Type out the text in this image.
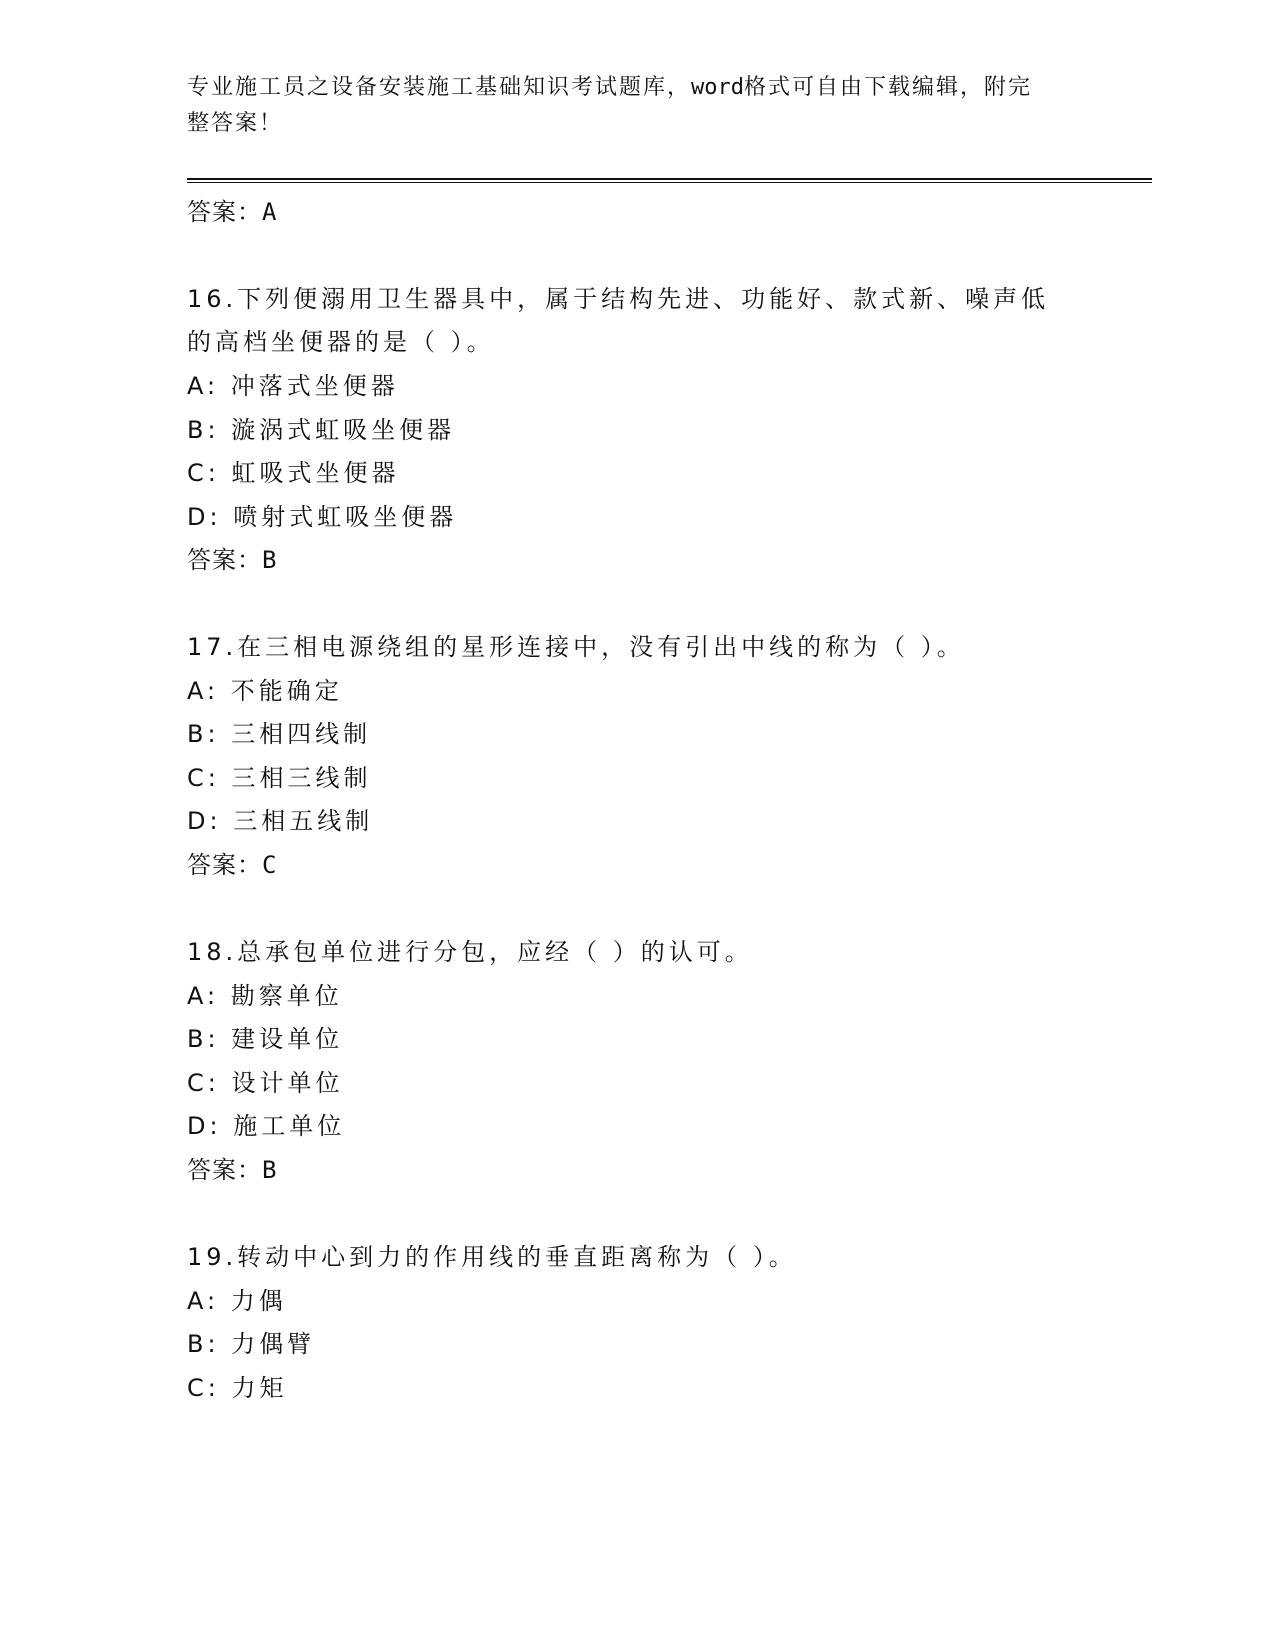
专业施工员之设备安装施工基础知识考试题库，word格式可自由下载编辑，附完
整答案！
答案：A
16.下列便溺用卫生器具中，属于结构先进、功能好、款式新、噪声低
的高档坐便器的是（ ）。
A: 冲落式坐便器
B: 漩涡式虹吸坐便器
C: 虹吸式坐便器
D: 喷射式虹吸坐便器
答案：B
17.在三相电源绕组的星形连接中，没有引出中线的称为（ ）。
A: 不能确定
B: 三相四线制
C: 三相三线制
D: 三相五线制
答案：C
18.总承包单位进行分包，应经（ ）的认可。
A: 勘察单位
B: 建设单位
C: 设计单位
D: 施工单位
答案：B
19.转动中心到力的作用线的垂直距离称为（ ）。
A: 力偶
B: 力偶臂
C: 力矩
